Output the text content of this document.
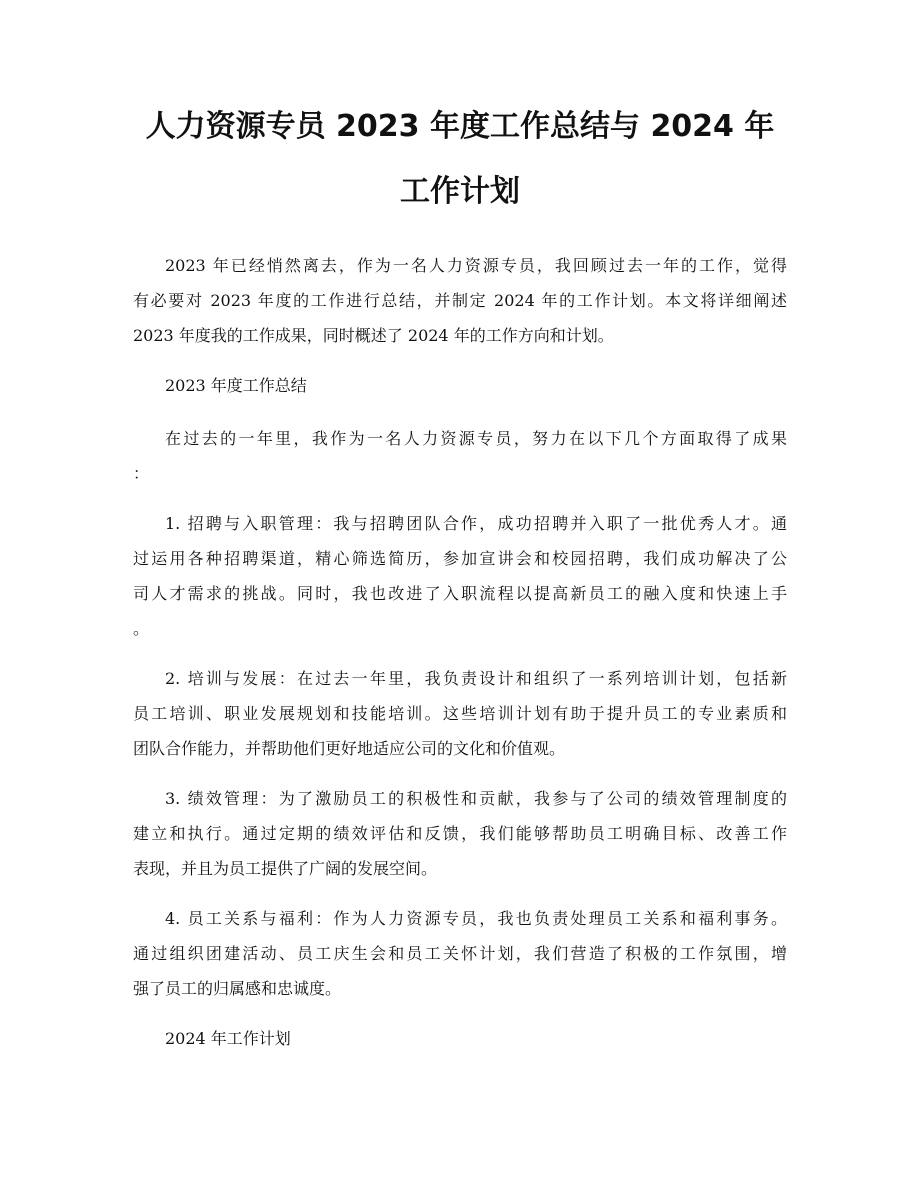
人力资源专员 2023 年度工作总结与 2024 年
工作计划
2023 年已经悄然离去，作为一名人力资源专员，我回顾过去一年的工作，觉得
有必要对 2023 年度的工作进行总结，并制定 2024 年的工作计划。本文将详细阐述
2023 年度我的工作成果，同时概述了 2024 年的工作方向和计划。
2023 年度工作总结
在过去的一年里，我作为一名人力资源专员，努力在以下几个方面取得了成果
：
1. 招聘与入职管理：我与招聘团队合作，成功招聘并入职了一批优秀人才。通
过运用各种招聘渠道，精心筛选简历，参加宣讲会和校园招聘，我们成功解决了公
司人才需求的挑战。同时，我也改进了入职流程以提高新员工的融入度和快速上手
。
2. 培训与发展：在过去一年里，我负责设计和组织了一系列培训计划，包括新
员工培训、职业发展规划和技能培训。这些培训计划有助于提升员工的专业素质和
团队合作能力，并帮助他们更好地适应公司的文化和价值观。
3. 绩效管理：为了激励员工的积极性和贡献，我参与了公司的绩效管理制度的
建立和执行。通过定期的绩效评估和反馈，我们能够帮助员工明确目标、改善工作
表现，并且为员工提供了广阔的发展空间。
4. 员工关系与福利：作为人力资源专员，我也负责处理员工关系和福利事务。
通过组织团建活动、员工庆生会和员工关怀计划，我们营造了积极的工作氛围，增
强了员工的归属感和忠诚度。
2024 年工作计划
